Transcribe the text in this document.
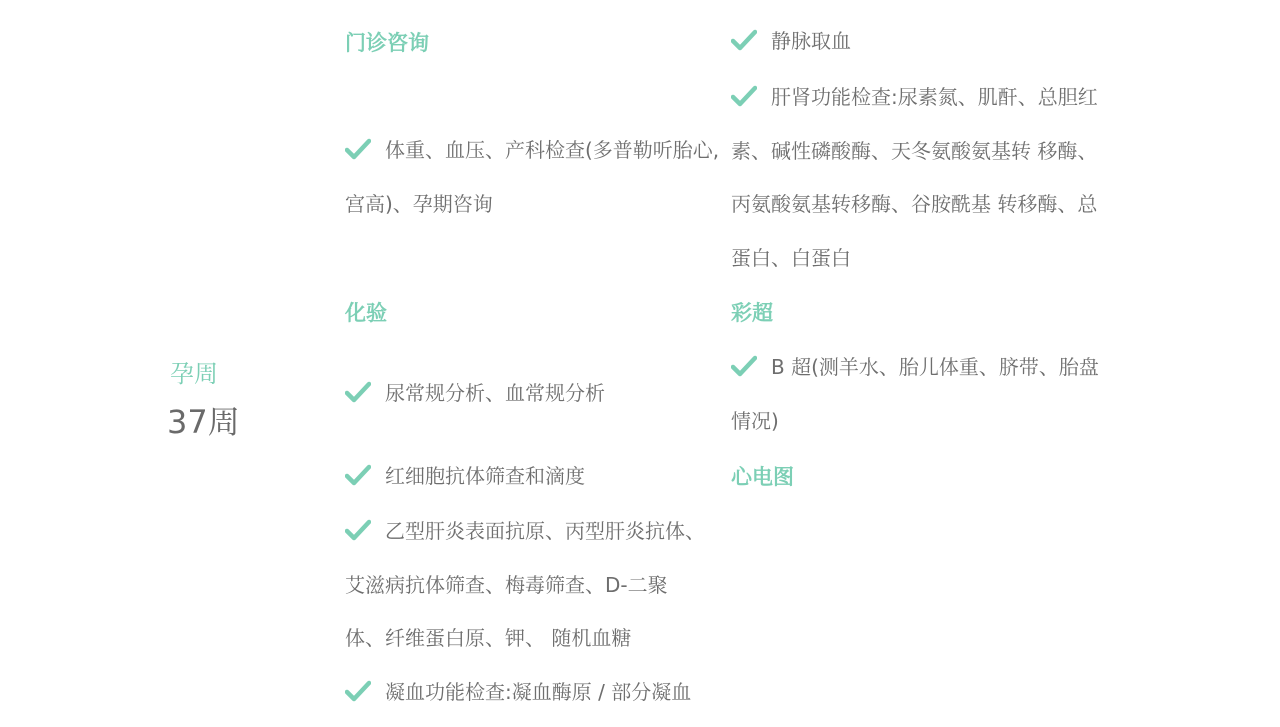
孕周
37周
门诊咨询
体重、血压、产科检查(多普勒听胎心, 宫高)、孕期咨询
化验
尿常规分析、血常规分析
红细胞抗体筛查和滴度
乙型肝炎表面抗原、丙型肝炎抗体、 艾滋病抗体筛查、梅毒筛查、D-二聚体、纤维蛋白原、钾、 随机血糖
凝血功能检查:凝血酶原 / 部分凝血
静脉取血
肝肾功能检查:尿素氮、肌酐、总胆红素、碱性磷酸酶、天冬氨酸氨基转 移酶、丙氨酸氨基转移酶、谷胺酰基 转移酶、总蛋白、白蛋白
彩超
B 超(测羊水、胎儿体重、脐带、胎盘 情况)
心电图
